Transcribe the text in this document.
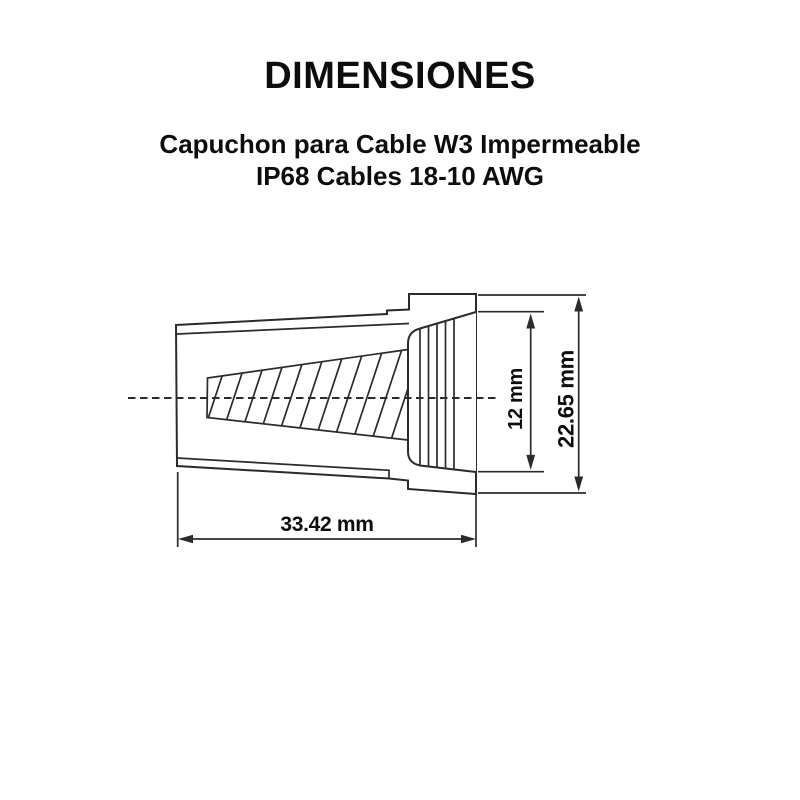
DIMENSIONES
Capuchon para Cable W3 Impermeable
IP68 Cables 18-10 AWG
33.42 mm
12 mm 22.65 mm
